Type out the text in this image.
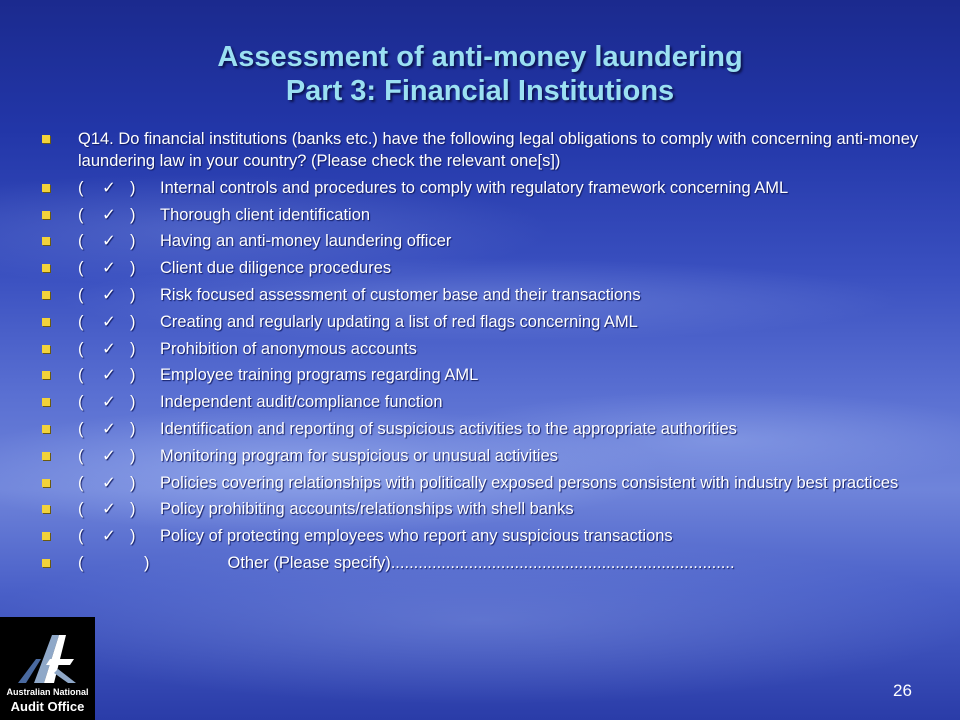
Assessment of anti-money laundering
Part 3: Financial Institutions
Q14. Do financial institutions (banks etc.) have the following legal obligations to comply with concerning anti-money laundering law in your country? (Please check the relevant one[s])
( ✓ ) Internal controls and procedures to comply with regulatory framework concerning AML
( ✓ ) Thorough client identification
( ✓ ) Having an anti-money laundering officer
( ✓ ) Client due diligence procedures
( ✓ ) Risk focused assessment of customer base and their transactions
( ✓ ) Creating and regularly updating a list of red flags concerning AML
( ✓ ) Prohibition of anonymous accounts
( ✓ ) Employee training programs regarding AML
( ✓ ) Independent audit/compliance function
( ✓ ) Identification and reporting of suspicious activities to the appropriate authorities
( ✓ ) Monitoring program for suspicious or unusual activities
( ✓ ) Policies covering relationships with politically exposed persons consistent with industry best practices
( ✓ ) Policy prohibiting accounts/relationships with shell banks
( ✓ ) Policy of protecting employees who report any suspicious transactions
(	)	Other (Please specify)...........................................................................
Australian National
Audit Office
26
